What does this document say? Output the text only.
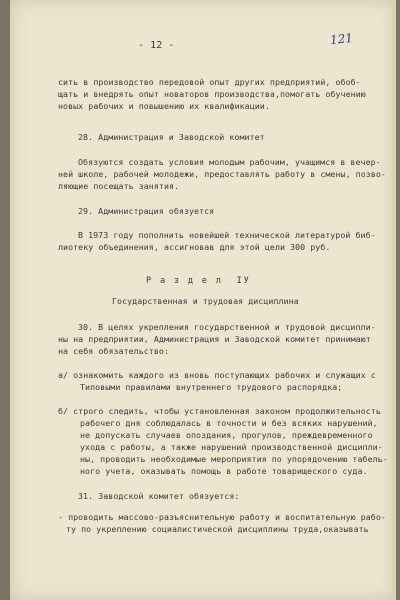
121
- 12 -
сить в производство передовой опыт других предприятий, обоб-
щать и внедрять опыт новаторов производства,помогать обучению
новых рабочих и повышению их квалификации.
28. Администрация и Заводской комитет
Обязуются создать условия молодым рабочим, учащимся в вечер-
ней школе, рабочей молодежи, предоставлять работу в смены, позво-
ляющие посещать занятия.
29. Администрация обязуется
В 1973 году пополнить новейшей технической литературой биб-
лиотеку объединения, ассигновав для этой цели 300 руб.
Р а з д е л  IУ
Государственная и трудовая дисциплина
30. В целях укрепления государственной и трудовой дисципли-
ны на предприятии, Администрация и Заводской комитет принимают
на себя обязательство:
а/ ознакомить каждого из вновь поступающих рабочих и служащих с
Типовыми правилами внутреннего трудового распорядка;
б/ строго следить, чтобы установленная законом продолжительность
рабочего дня соблюдалась в точности и без всяких нарушений,
не допускать случаев опоздания, прогулов, преждевременного
ухода с работы, а также нарушений производственной дисципли-
ны, проводить необходимые мероприятия по упорядочению табель-
ного учета, оказывать помощь в работе товарищеского суда.
31. Заводской комитет обязуется:
- проводить массово-разъяснительную работу и воспитательную рабо-
ту по укреплению социалистической дисциплины труда,оказывать
